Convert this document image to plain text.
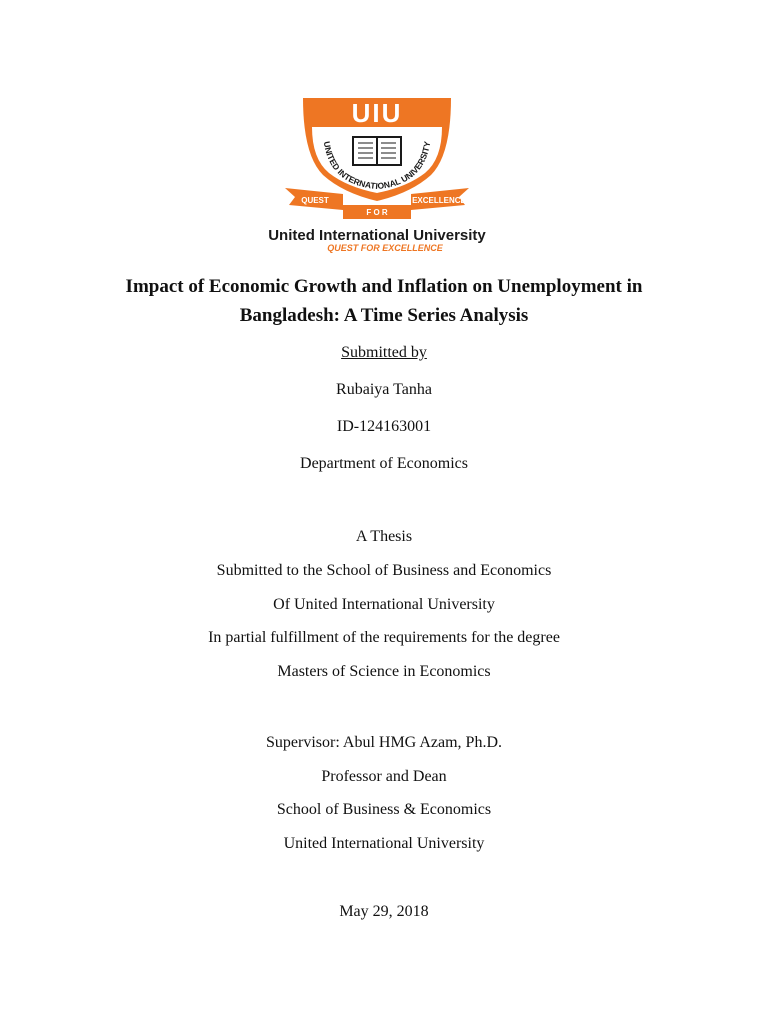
UIU
UNITED INTERNATIONAL UNIVERSITY
QUEST	EXCELLENCE
F O R
United International University
QUEST FOR EXCELLENCE
Impact of Economic Growth and Inflation on Unemployment in
Bangladesh: A Time Series Analysis
Submitted by
Rubaiya Tanha
ID-124163001
Department of Economics
A Thesis
Submitted to the School of Business and Economics
Of United International University
In partial fulfillment of the requirements for the degree
Masters of Science in Economics
Supervisor: Abul HMG Azam, Ph.D.
Professor and Dean
School of Business & Economics
United International University
May 29, 2018
